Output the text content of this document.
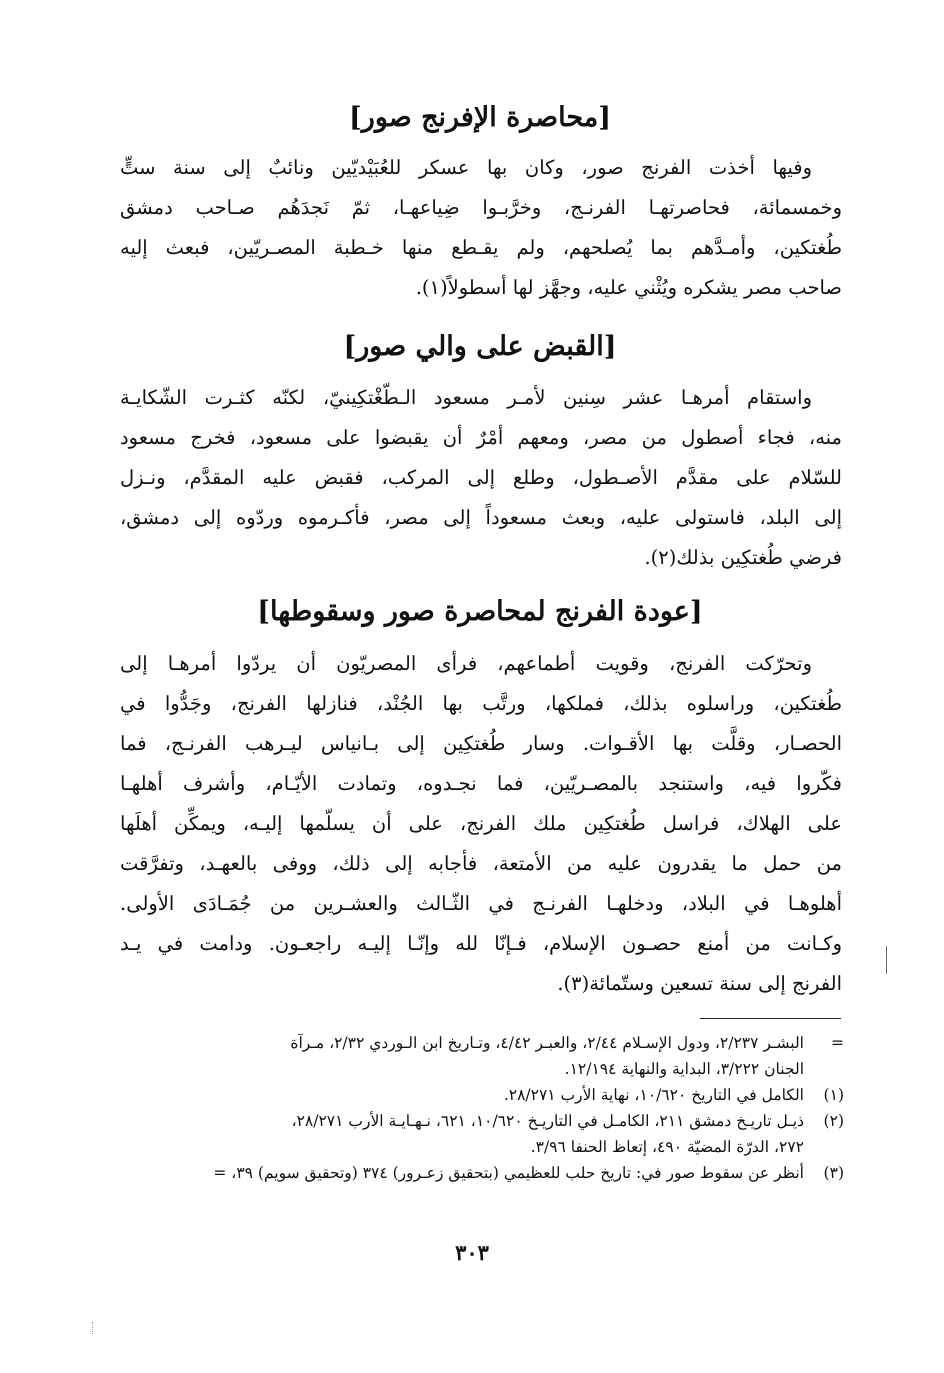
[محاصرة الإفرنج صور]
وفيها أخذت الفرنج صور، وكان بها عسكر للعُبَيْديّين ونائبٌ إلى سنة ستٍّ
وخمسمائة، فحاصرتهـا الفرنـج، وخرَّبـوا ضِياعهـا، ثمّ نَجدَهُم صـاحب دمشق
طُغتكين، وأمـدَّهم بما يُصلحهم، ولم يقـطع منها خـطبة المصـريّين، فبعث إليه
صاحب مصر يشكره ويُثْني عليه، وجهَّز لها أسطولاً(١).
[القبض على والي صور]
واستقام أمرهـا عشر سِنين لأمـر مسعود الـطّغْتكِينيّ، لكنّه كثـرت الشّكايـة
منه، فجاء أصطول من مصر، ومعهم أمْرٌ أن يقبضوا على مسعود، فخرج مسعود
للسّلام على مقدَّم الأصـطول، وطلع إلى المركب، فقبض عليه المقدَّم، ونـزل
إلى البلد، فاستولى عليه، وبعث مسعوداً إلى مصر، فأكـرموه وردّوه إلى دمشق،
فرضي طُغتكِين بذلك(٢).
[عودة الفرنج لمحاصرة صور وسقوطها]
وتحرّكت الفرنج، وقويت أطماعهم، فرأى المصريّون أن يردّوا أمرهـا إلى
طُغتكين، وراسلوه بذلك، فملكها، ورتَّب بها الجُنْد، فنازلها الفرنج، وجَدُّوا في
الحصـار، وقلَّت بها الأقـوات. وسار طُغتكِين إلى بـانياس ليـرهب الفرنـج، فما
فكّروا فيه، واستنجد بالمصـريّين، فما نجـدوه، وتمادت الأيّـام، وأشرف أهلهـا
على الهلاك، فراسل طُغتكِين ملك الفرنج، على أن يسلّمها إليـه، ويمكِّن أهلَها
من حمل ما يقدرون عليه من الأمتعة، فأجابه إلى ذلك، ووفى بالعهـد، وتفرَّقت
أهلوهـا في البلاد، ودخلهـا الفرنـج في الثّـالث والعشـرين من جُمَـادَى الأولى.
وكـانت من أمنع حصـون الإسلام، فـإنّا لله وإنّـا إليـه راجعـون. ودامت في يـد
الفرنج إلى سنة تسعين وستّمائة(٣).
=
البشـر ٢/٢٣٧، ودول الإسـلام ٢/٤٤، والعبـر ٤/٤٢، وتـاريخ ابن الـوردي ٢/٣٢، مـرآة
الجنان ٣/٢٢٢، البداية والنهاية ١٢/١٩٤.
(١)
الكامل في التاريخ ١٠/٦٢٠، نهاية الأرب ٢٨/٢٧١.
(٢)
ذيـل تاريـخ دمشق ٢١١، الكامـل في التاريـخ ١٠/٦٢٠، ٦٢١، نـهـايـة الأرب ٢٨/٢٧١،
٢٧٢، الدرّة المضيّة ٤٩٠، إتعاظ الحنفا ٣/٩٦.
(٣)
أنظر عن سقوط صور في: تاريخ حلب للعظيمي (بتحقيق زعـرور) ٣٧٤ (وتحقيق سويم) ٣٩، =
٣٠٣
